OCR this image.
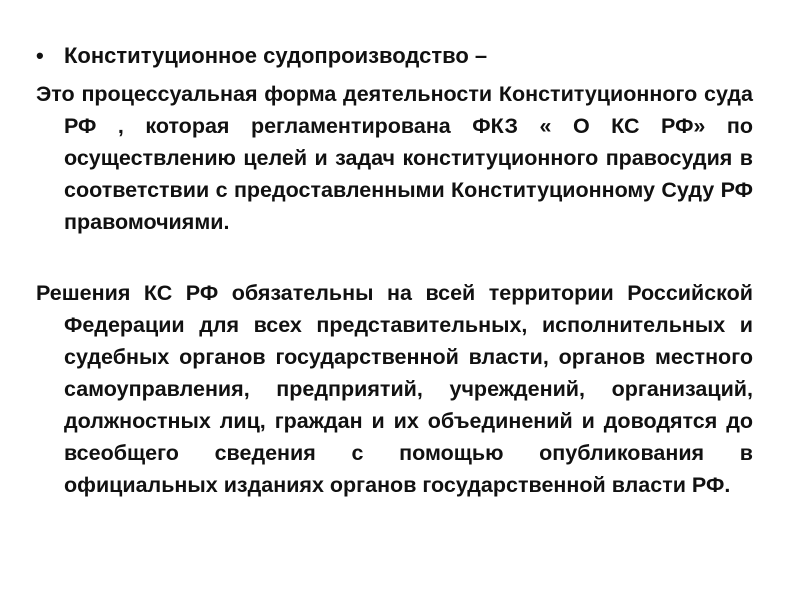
• Конституционное судопроизводство –
Это процессуальная форма деятельности Конституционного суда РФ , которая регламентирована ФКЗ « О КС РФ» по осуществлению целей и задач конституционного правосудия в соответствии с предоставленными Конституционному Суду РФ правомочиями.
Решения КС РФ обязательны на всей территории Российской Федерации для всех представительных, исполнительных и судебных органов государственной власти, органов местного самоуправления, предприятий, учреждений, организаций, должностных лиц, граждан и их объединений и доводятся до всеобщего сведения с помощью опубликования в официальных изданиях органов государственной власти РФ.
